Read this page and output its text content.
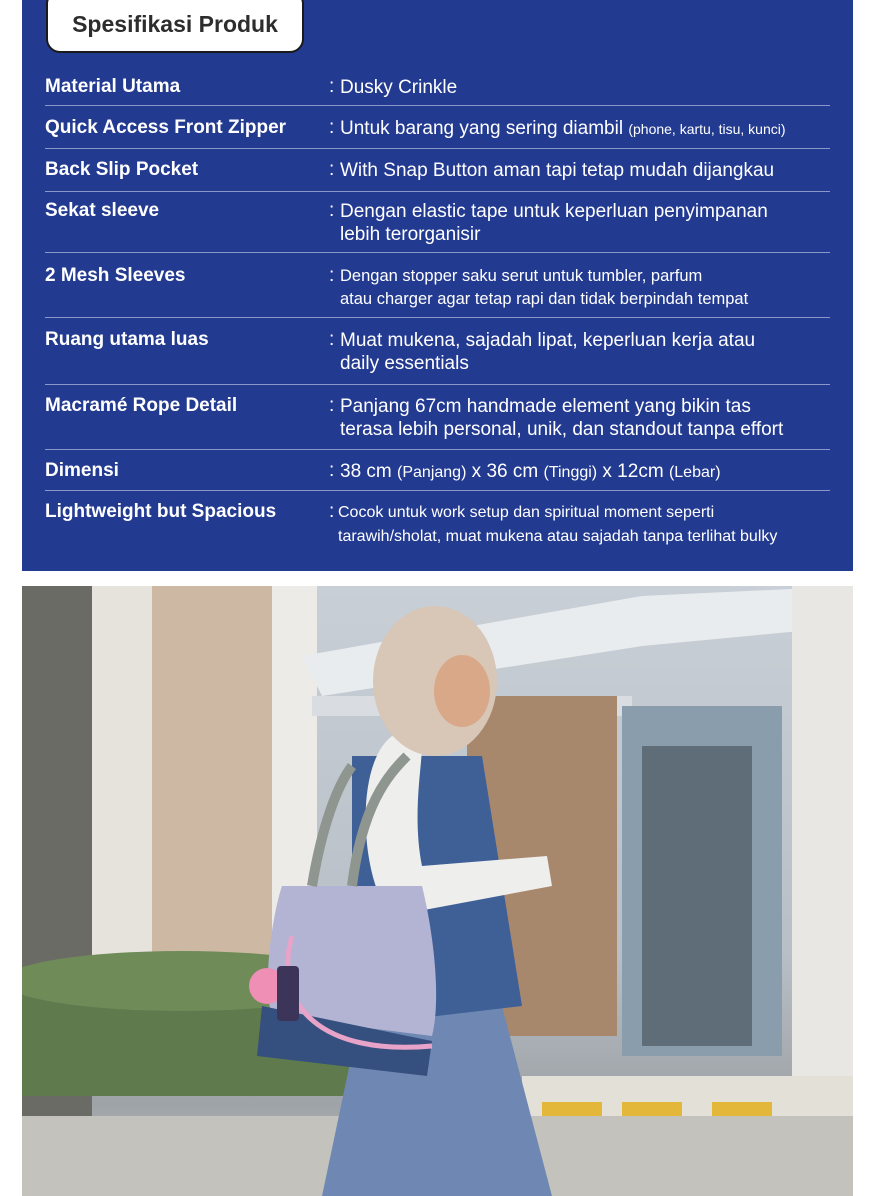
Spesifikasi Produk
Material Utama	: Dusky Crinkle
Quick Access Front Zipper : Untuk barang yang sering diambil (phone, kartu, tisu, kunci)
Back Slip Pocket	: With Snap Button aman tapi tetap mudah dijangkau
Sekat sleeve	: Dengan elastic tape untuk keperluan penyimpanan
lebih terorganisir
2 Mesh Sleeves	: Dengan stopper saku serut untuk tumbler, parfum
atau charger agar tetap rapi dan tidak berpindah tempat
Ruang utama luas	: Muat mukena, sajadah lipat, keperluan kerja atau
daily essentials
Macramé Rope Detail	: Panjang 67cm handmade element yang bikin tas
terasa lebih personal, unik, dan standout tanpa effort
Dimensi	: 38 cm (Panjang) x 36 cm (Tinggi) x 12cm (Lebar)
Lightweight but Spacious	: Cocok untuk work setup dan spiritual moment seperti
tarawih/sholat, muat mukena atau sajadah tanpa terlihat bulky
